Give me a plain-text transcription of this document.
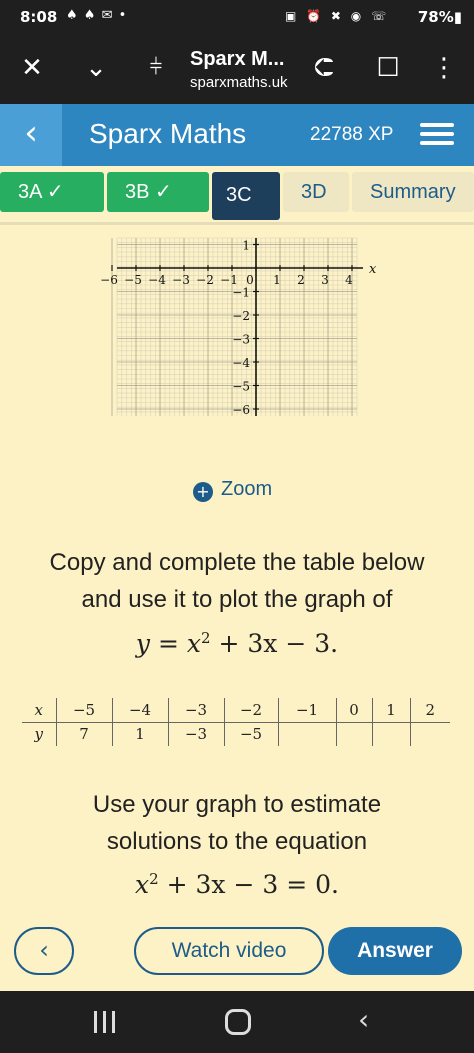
8:08 ♠ ♠ ✉ •	▣ ⏰ ✖ ◉ ☏ 78%▮
✕ ⌄	⫩	Sparx M...
sparxmaths.uk ⮈ ☐ ⋮
‹	Sparx Maths	22788 XP
3A ✓	3B ✓	3C	3D	Summary
−6 −5 −4 −3 −2 −1 0 1 2 3 4
1
−1
−2
−3
−4
−5
−6
x
+ Zoom
Copy and complete the table below
and use it to plot the graph of
$y = x^2 + 3x - 3$.
x	−5	−4	−3	−2	−1	0	1	2
y	7	1	−3	−5				
Use your graph to estimate
solutions to the equation
$x^2 + 3x - 3 = 0$.
‹	Watch video	Answer
‹
